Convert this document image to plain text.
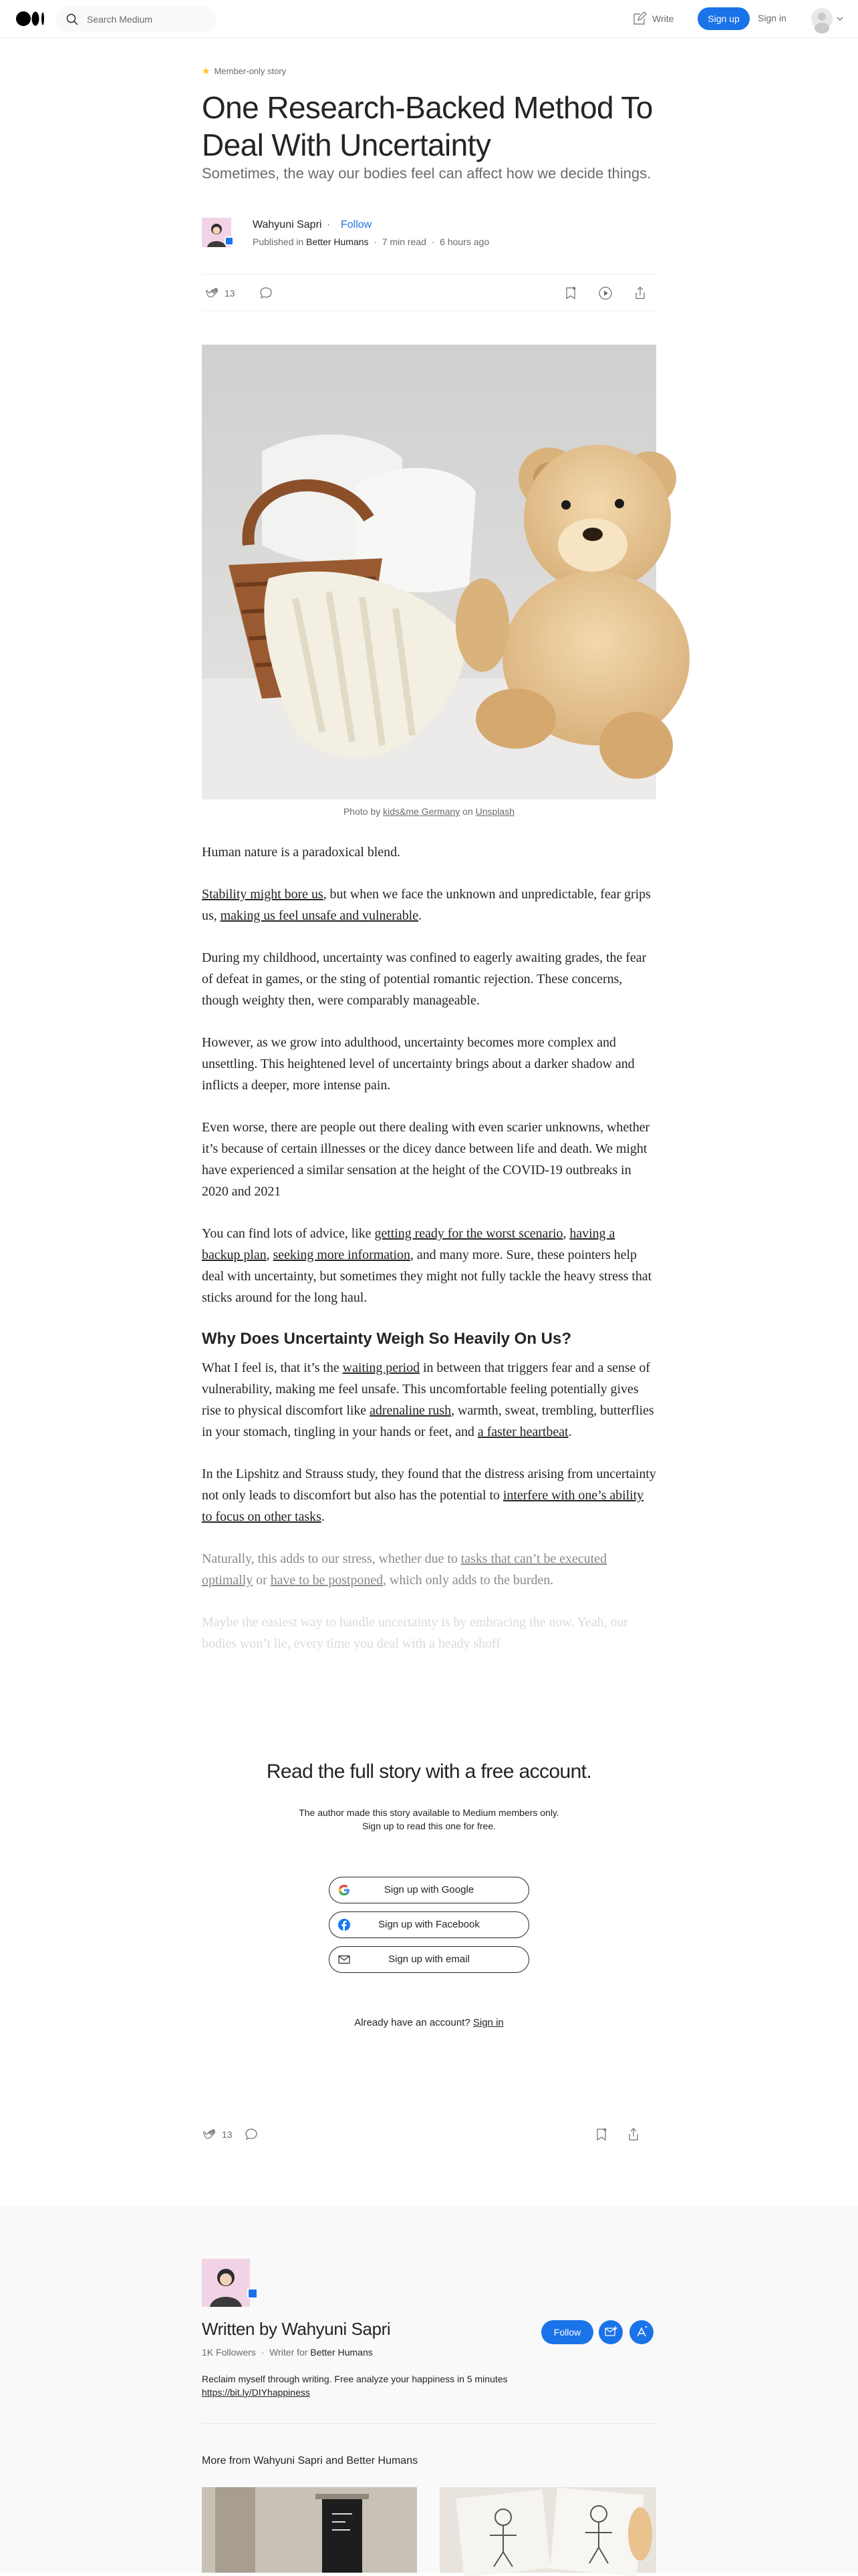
Search Medium	Write	Sign up	Sign in
★ Member-only story
One Research-Backed Method To Deal With Uncertainty
Sometimes, the way our bodies feel can affect how we decide things.
Wahyuni Sapri · Follow
Published in Better Humans  ·  7 min read  ·  6 hours ago
13
Photo by kids&me Germany on Unsplash

Human nature is a paradoxical blend.

Stability might bore us, but when we face the unknown and unpredictable, fear grips us, making us feel unsafe and vulnerable.

During my childhood, uncertainty was confined to eagerly awaiting grades, the fear of defeat in games, or the sting of potential romantic rejection. These concerns, though weighty then, were comparably manageable.

However, as we grow into adulthood, uncertainty becomes more complex and unsettling. This heightened level of uncertainty brings about a darker shadow and inflicts a deeper, more intense pain.

Even worse, there are people out there dealing with even scarier unknowns, whether it’s because of certain illnesses or the dicey dance between life and death. We might have experienced a similar sensation at the height of the COVID-19 outbreaks in 2020 and 2021

You can find lots of advice, like getting ready for the worst scenario, having a backup plan, seeking more information, and many more. Sure, these pointers help deal with uncertainty, but sometimes they might not fully tackle the heavy stress that sticks around for the long haul.

Why Does Uncertainty Weigh So Heavily On Us?

What I feel is, that it’s the waiting period in between that triggers fear and a sense of vulnerability, making me feel unsafe. This uncomfortable feeling potentially gives rise to physical discomfort like adrenaline rush, warmth, sweat, trembling, butterflies in your stomach, tingling in your hands or feet, and a faster heartbeat.

In the Lipshitz and Strauss study, they found that the distress arising from uncertainty not only leads to discomfort but also has the potential to interfere with one’s ability to focus on other tasks.

Naturally, this adds to our stress, whether due to tasks that can’t be executed optimally or have to be postponed, which only adds to the burden.

Maybe the easiest way to handle uncertainty is by embracing the now. Yeah, our bodies won’t lie, every time you deal with a heady shoff

Read the full story with a free account.
The author made this story available to Medium members only.
Sign up to read this one for free.
Sign up with Google
Sign up with Facebook
Sign up with email
Already have an account? Sign in
13
Written by Wahyuni Sapri
1K Followers  ·  Writer for Better Humans
Reclaim myself through writing. Free analyze your happiness in 5 minutes
https://bit.ly/DIYhappiness
Follow
More from Wahyuni Sapri and Better Humans
